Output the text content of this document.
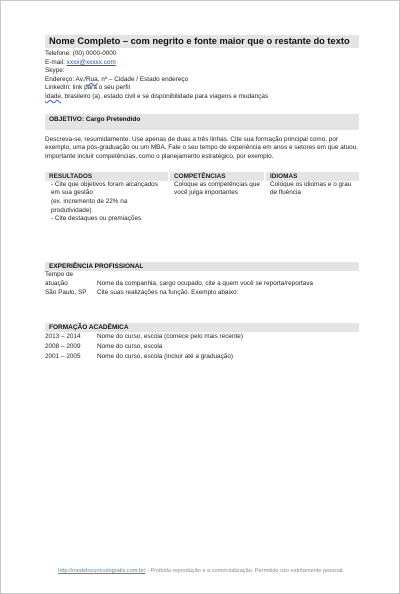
Nome Completo – com negrito e fonte maior que o restante do texto
Telefone: (00) 0000-0000
E-mail: xxxx@xxxxx.com
Skype:
Endereço: Av./Rua, nº – Cidade / Estado endereço
LinkedIn: link para o seu perfil
Idade, brasileiro (a), estado civil e se disponibilidade para viagens e mudanças
OBJETIVO: Cargo Pretendido
Descreva-se, resumidamente. Use apenas de duas a três linhas. Cite sua formação principal como, por exemplo, uma pós-graduação ou um MBA. Fale o seu tempo de experiência em anos e setores em que atuou. Importante incluir competências, como o planejamento estratégico, por exemplo.
RESULTADOS
- Cite que objetivos foram alcançados em sua gestão
(ex. incremento de 22% na produtividade)
- Cite destaques ou premiações
COMPETÊNCIAS
Coloque as competências que você julga importantes
IDIOMAS
Coloque os idiomas e o grau de fluência
EXPERIÊNCIA PROFISSIONAL
Tempo de atuação	Nome da companhia, cargo ocupado, cite a quem você se reporta/reportava
São Paulo, SP	Cite suas realizações na função. Exemplo abaixo:
FORMAÇÃO ACADÊMICA
2013 – 2014	Nome do curso, escola (comece pelo mais recente)
2008 – 2009	Nome do curso, escola
2001 – 2005	Nome do curso, escola (incluir até a graduação)
http://modelocurriculogratis.com.br/ - Proibida reprodução e a comercialização. Permitido uso estritamente pessoal.
